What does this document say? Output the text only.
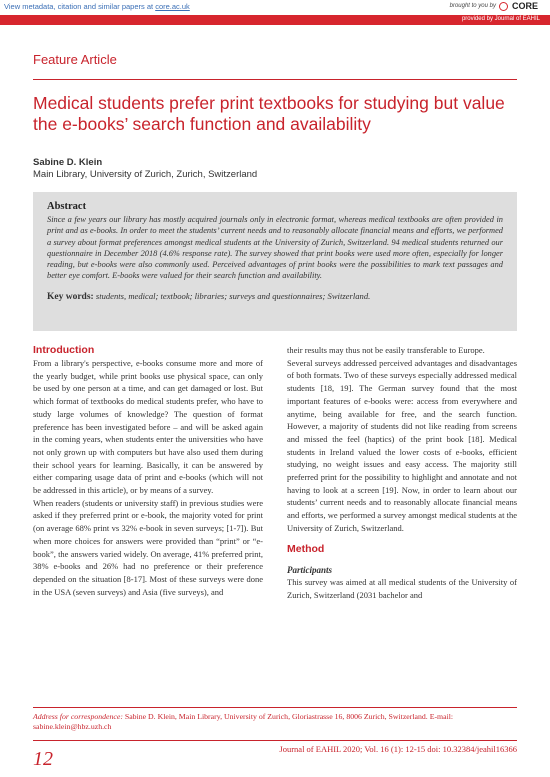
View metadata, citation and similar papers at core.ac.uk	brought to you by CORE
provided by Journal of EAHIL
Feature Article
Medical students prefer print textbooks for studying but value the e-books’ search function and availability
Sabine D. Klein
Main Library, University of Zurich, Zurich, Switzerland
Abstract
Since a few years our library has mostly acquired journals only in electronic format, whereas medical textbooks are often provided in print and as e-books. In order to meet the students’ current needs and to reasonably allocate financial means and efforts, we performed a survey about format preferences amongst medical students at the University of Zurich, Switzerland. 94 medical students returned our questionnaire in December 2018 (4.6% response rate). The survey showed that print books were used more often, especially for longer reading, but e-books were also commonly used. Perceived advantages of print books were the possibilities to mark text passages and better eye comfort. E-books were valued for their search function and availability.
Key words: students, medical; textbook; libraries; surveys and questionnaires; Switzerland.
Introduction

From a library's perspective, e-books consume more and more of the yearly budget, while print books use physical space, can only be used by one person at a time, and can get damaged or lost. But which format of textbooks do medical students prefer, who have to study large volumes of knowledge? The question of format preference has been investigated before – and will be asked again in the coming years, when students enter the universities who have not only grown up with computers but have also used them during their school years for learning. Basically, it can be answered by either comparing usage data of print and e-books (which will not be addressed in this article), or by means of a survey.

When readers (students or university staff) in previous studies were asked if they preferred print or e-book, the majority voted for print (on average 68% print vs 32% e-book in seven surveys; [1-7]). But when more choices for answers were provided than “print” or “e-book”, the answers varied widely. On average, 41% preferred print, 38% e-books and 26% had no preference or their preference depended on the situation [8-17]. Most of these surveys were done in the USA (seven surveys) and Asia (five surveys), and

their results may thus not be easily transferable to Europe.

Several surveys addressed perceived advantages and disadvantages of both formats. Two of these surveys especially addressed medical students [18, 19]. The German survey found that the most important features of e-books were: access from everywhere and anytime, being available for free, and the search function. However, a majority of students did not like reading from screens and missed the feel (haptics) of the print book [18]. Medical students in Ireland valued the lower costs of e-books, efficient studying, no weight issues and easy access. The majority still preferred print for the possibility to highlight and annotate and not having to look at a screen [19]. Now, in order to learn about our students’ current needs and to reasonably allocate financial means and efforts, we performed a survey amongst medical students at the University of Zurich, Switzerland.

Method
Participants

This survey was aimed at all medical students of the University of Zurich, Switzerland (2031 bachelor and

Address for correspondence: Sabine D. Klein, Main Library, University of Zurich, Gloriastrasse 16, 8006 Zurich, Switzerland. E-mail: sabine.klein@hbz.uzh.ch
12	Journal of EAHIL 2020; Vol. 16 (1): 12-15 doi: 10.32384/jeahil16366
